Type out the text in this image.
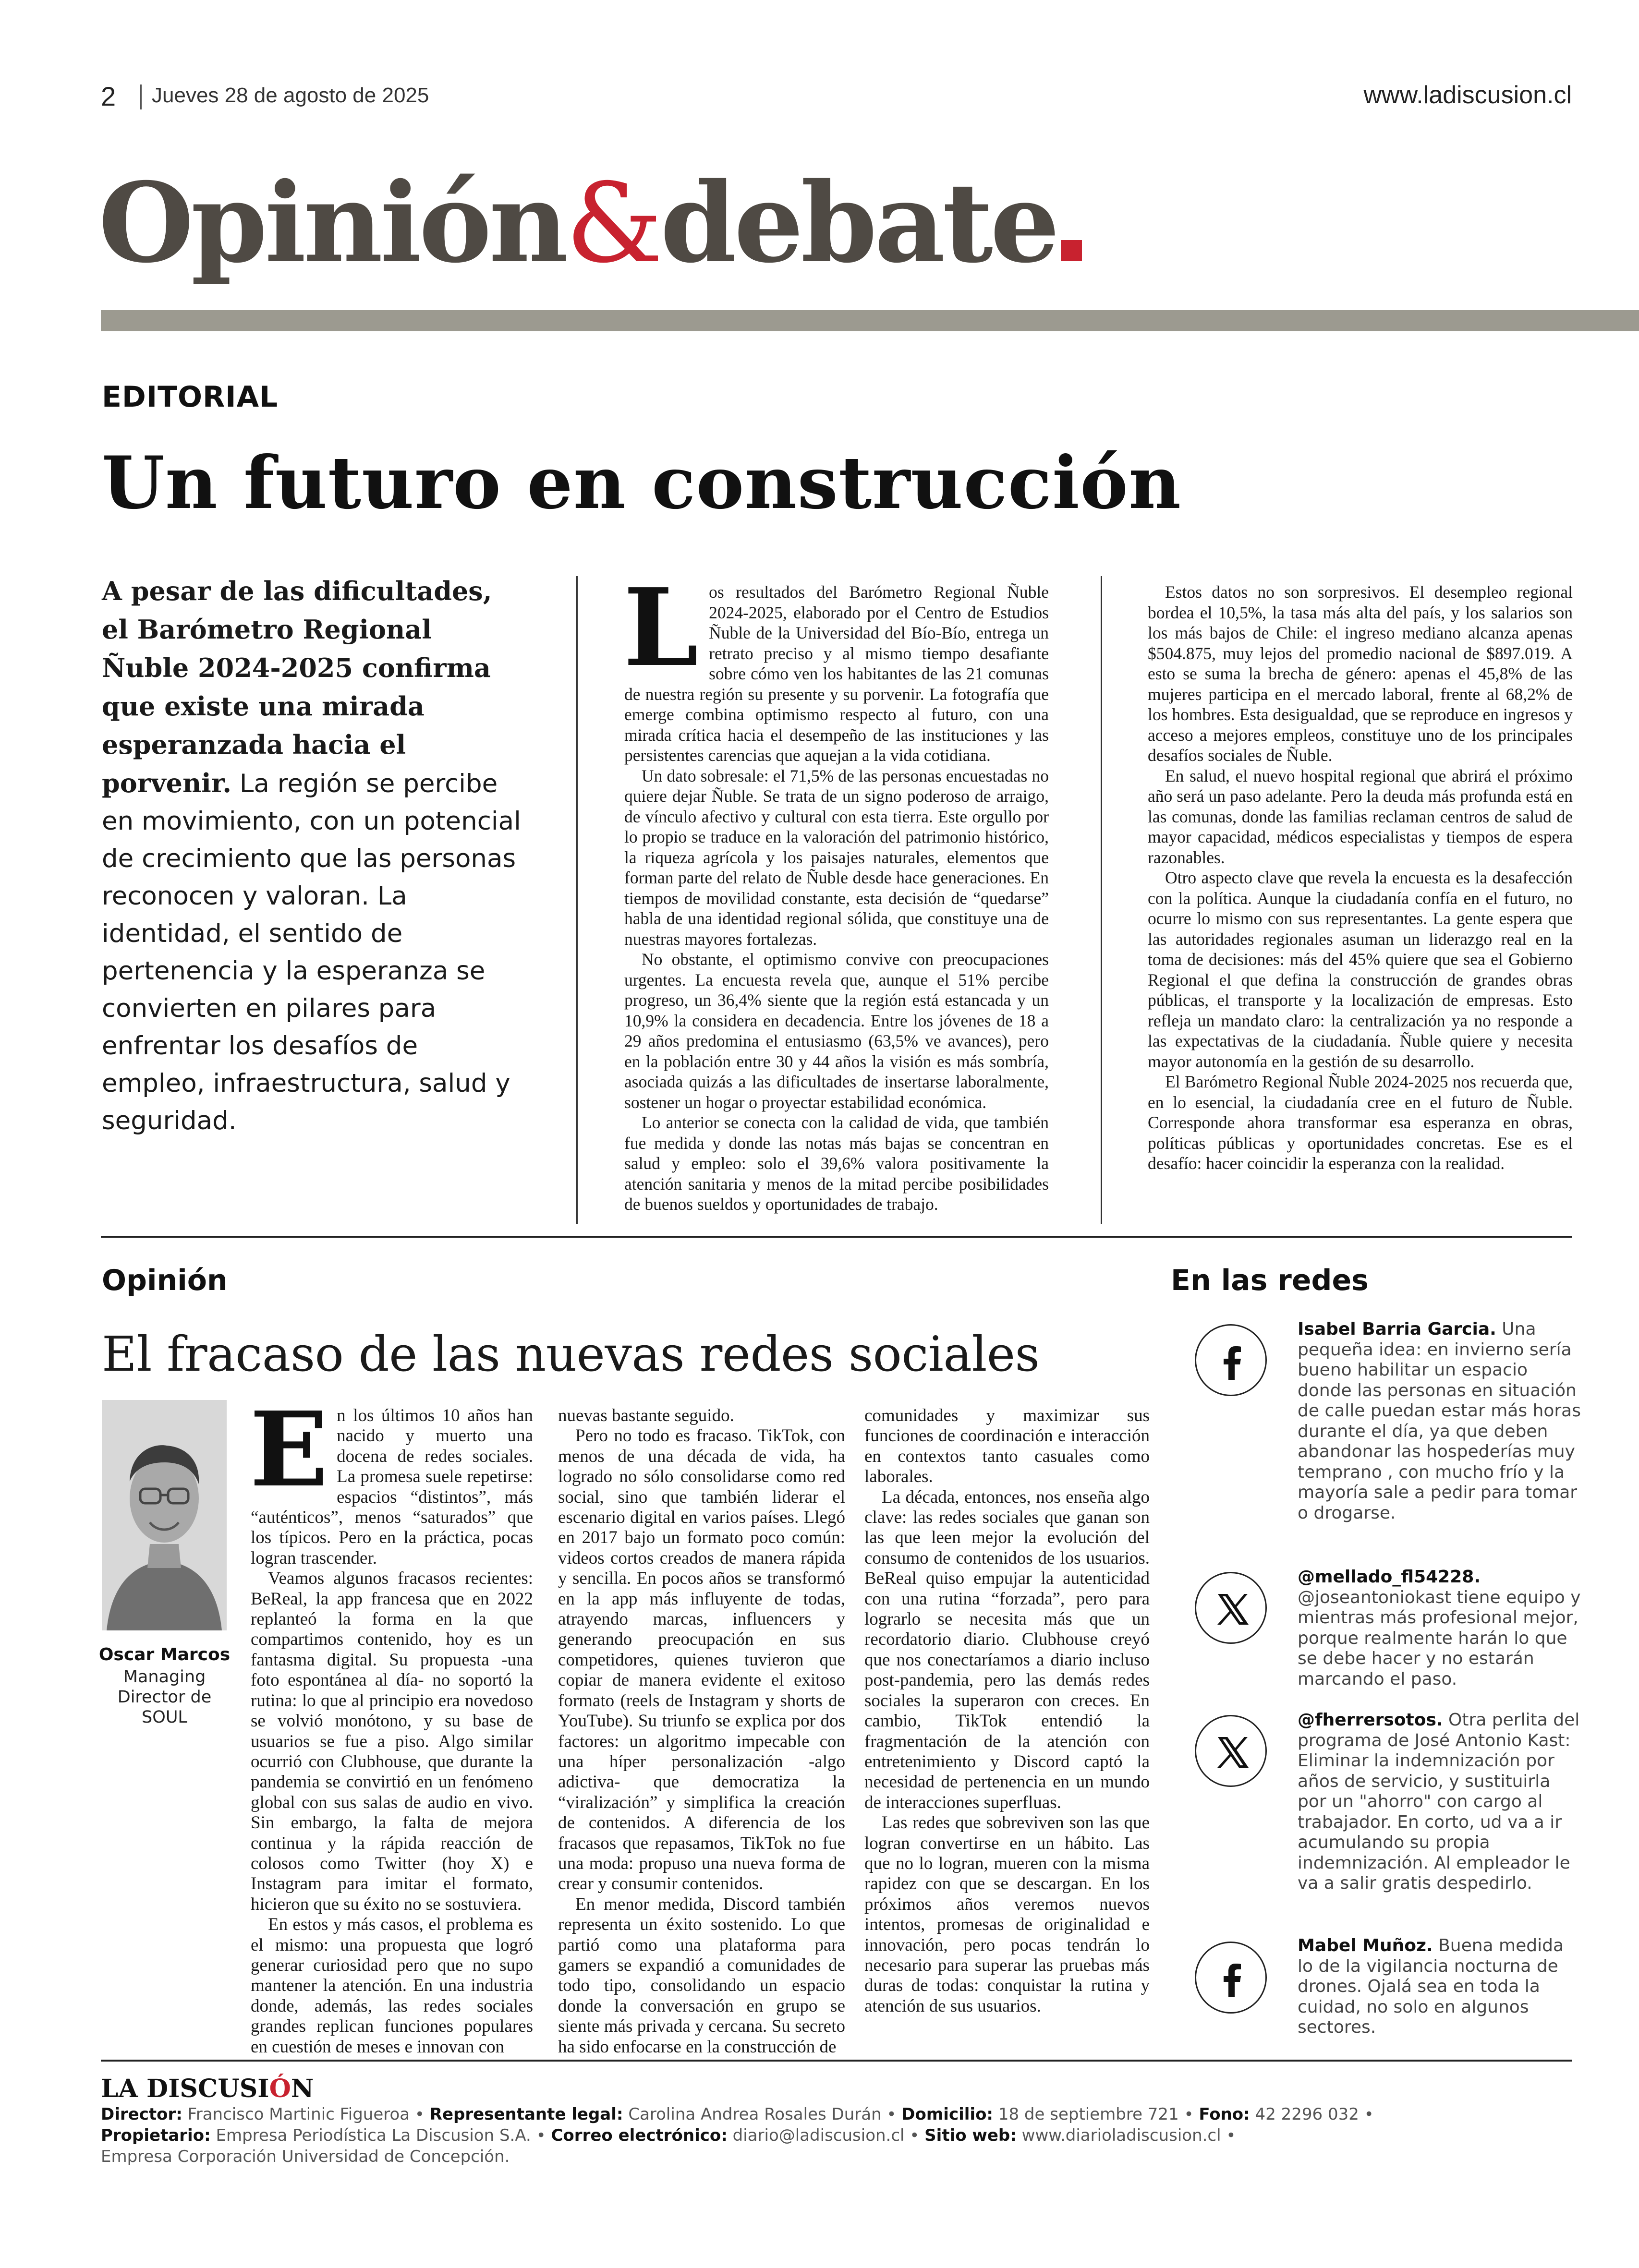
2 Jueves 28 de agosto de 2025	www.ladiscusion.cl
Opinión&debate
EDITORIAL
Un futuro en construcción
A pesar de las dificultades, el Barómetro Regional Ñuble 2024-2025 confirma que existe una mirada esperanzada hacia el porvenir. La región se percibe en movimiento, con un potencial de crecimiento que las personas reconocen y valoran. La identidad, el sentido de pertenencia y la esperanza se convierten en pilares para enfrentar los desafíos de empleo, infraestructura, salud y seguridad.

Los resultados del Barómetro Regional Ñuble 2024-2025, elaborado por el Centro de Estudios Ñuble de la Universidad del Bío-Bío, entrega un retrato preciso y al mismo tiempo desafiante sobre cómo ven los habitantes de las 21 comunas de nuestra región su presente y su porvenir. La fotografía que emerge combina optimismo respecto al futuro, con una mirada crítica hacia el desempeño de las instituciones y las persistentes carencias que aquejan a la vida cotidiana.

Un dato sobresale: el 71,5% de las personas encuestadas no quiere dejar Ñuble. Se trata de un signo poderoso de arraigo, de vínculo afectivo y cultural con esta tierra. Este orgullo por lo propio se traduce en la valoración del patrimonio histórico, la riqueza agrícola y los paisajes naturales, elementos que forman parte del relato de Ñuble desde hace generaciones. En tiempos de movilidad constante, esta decisión de “quedarse” habla de una identidad regional sólida, que constituye una de nuestras mayores fortalezas.

No obstante, el optimismo convive con preocupaciones urgentes. La encuesta revela que, aunque el 51% percibe progreso, un 36,4% siente que la región está estancada y un 10,9% la considera en decadencia. Entre los jóvenes de 18 a 29 años predomina el entusiasmo (63,5% ve avances), pero en la población entre 30 y 44 años la visión es más sombría, asociada quizás a las dificultades de insertarse laboralmente, sostener un hogar o proyectar estabilidad económica.

Lo anterior se conecta con la calidad de vida, que también fue medida y donde las notas más bajas se concentran en salud y empleo: solo el 39,6% valora positivamente la atención sanitaria y menos de la mitad percibe posibilidades de buenos sueldos y oportunidades de trabajo.

Estos datos no son sorpresivos. El desempleo regional bordea el 10,5%, la tasa más alta del país, y los salarios son los más bajos de Chile: el ingreso mediano alcanza apenas $504.875, muy lejos del promedio nacional de $897.019. A esto se suma la brecha de género: apenas el 45,8% de las mujeres participa en el mercado laboral, frente al 68,2% de los hombres. Esta desigualdad, que se reproduce en ingresos y acceso a mejores empleos, constituye uno de los principales desafíos sociales de Ñuble.

En salud, el nuevo hospital regional que abrirá el próximo año será un paso adelante. Pero la deuda más profunda está en las comunas, donde las familias reclaman centros de salud de mayor capacidad, médicos especialistas y tiempos de espera razonables.

Otro aspecto clave que revela la encuesta es la desafección con la política. Aunque la ciudadanía confía en el futuro, no ocurre lo mismo con sus representantes. La gente espera que las autoridades regionales asuman un liderazgo real en la toma de decisiones: más del 45% quiere que sea el Gobierno Regional el que defina la construcción de grandes obras públicas, el transporte y la localización de empresas. Esto refleja un mandato claro: la centralización ya no responde a las expectativas de la ciudadanía. Ñuble quiere y necesita mayor autonomía en la gestión de su desarrollo.

El Barómetro Regional Ñuble 2024-2025 nos recuerda que, en lo esencial, la ciudadanía cree en el futuro de Ñuble. Corresponde ahora transformar esa esperanza en obras, políticas públicas y oportunidades concretas. Ese es el desafío: hacer coincidir la esperanza con la realidad.

Opinión
El fracaso de las nuevas redes sociales
Oscar Marcos
Managing Director de SOUL

En los últimos 10 años han nacido y muerto una docena de redes sociales. La promesa suele repetirse: espacios “distintos”, más “auténticos”, menos “saturados” que los típicos. Pero en la práctica, pocas logran trascender.

Veamos algunos fracasos recientes: BeReal, la app francesa que en 2022 replanteó la forma en la que compartimos contenido, hoy es un fantasma digital. Su propuesta -una foto espontánea al día- no soportó la rutina: lo que al principio era novedoso se volvió monótono, y su base de usuarios se fue a piso. Algo similar ocurrió con Clubhouse, que durante la pandemia se convirtió en un fenómeno global con sus salas de audio en vivo. Sin embargo, la falta de mejora continua y la rápida reacción de colosos como Twitter (hoy X) e Instagram para imitar el formato, hicieron que su éxito no se sostuviera.

En estos y más casos, el problema es el mismo: una propuesta que logró generar curiosidad pero que no supo mantener la atención. En una industria donde, además, las redes sociales grandes replican funciones populares en cuestión de meses e innovan con

nuevas bastante seguido.

Pero no todo es fracaso. TikTok, con menos de una década de vida, ha logrado no sólo consolidarse como red social, sino que también liderar el escenario digital en varios países. Llegó en 2017 bajo un formato poco común: videos cortos creados de manera rápida y sencilla. En pocos años se transformó en la app más influyente de todas, atrayendo marcas, influencers y generando preocupación en sus competidores, quienes tuvieron que copiar de manera evidente el exitoso formato (reels de Instagram y shorts de YouTube). Su triunfo se explica por dos factores: un algoritmo impecable con una híper personalización -algo adictiva- que democratiza la “viralización” y simplifica la creación de contenidos. A diferencia de los fracasos que repasamos, TikTok no fue una moda: propuso una nueva forma de crear y consumir contenidos.

En menor medida, Discord también representa un éxito sostenido. Lo que partió como una plataforma para gamers se expandió a comunidades de todo tipo, consolidando un espacio donde la conversación en grupo se siente más privada y cercana. Su secreto ha sido enfocarse en la construcción de

comunidades y maximizar sus funciones de coordinación e interacción en contextos tanto casuales como laborales.

La década, entonces, nos enseña algo clave: las redes sociales que ganan son las que leen mejor la evolución del consumo de contenidos de los usuarios. BeReal quiso empujar la autenticidad con una rutina “forzada”, pero para lograrlo se necesita más que un recordatorio diario. Clubhouse creyó que nos conectaríamos a diario incluso post-pandemia, pero las demás redes sociales la superaron con creces. En cambio, TikTok entendió la fragmentación de la atención con entretenimiento y Discord captó la necesidad de pertenencia en un mundo de interacciones superfluas.

Las redes que sobreviven son las que logran convertirse en un hábito. Las que no lo logran, mueren con la misma rapidez con que se descargan. En los próximos años veremos nuevos intentos, promesas de originalidad e innovación, pero pocas tendrán lo necesario para superar las pruebas más duras de todas: conquistar la rutina y atención de sus usuarios.

En las redes
Isabel Barria Garcia. Una pequeña idea: en invierno sería bueno habilitar un espacio donde las personas en situación de calle puedan estar más horas durante el día, ya que deben abandonar las hospederías muy temprano , con mucho frío y la mayoría sale a pedir para tomar o drogarse.
@mellado_fl54228. @joseantoniokast tiene equipo y mientras más profesional mejor, porque realmente harán lo que se debe hacer y no estarán marcando el paso.
@fherrersotos. Otra perlita del programa de José Antonio Kast: Eliminar la indemnización por años de servicio, y sustituirla por un "ahorro" con cargo al trabajador. En corto, ud va a ir acumulando su propia indemnización. Al empleador le va a salir gratis despedirlo.
Mabel Muñoz. Buena medida lo de la vigilancia nocturna de drones. Ojalá sea en toda la cuidad, no solo en algunos sectores.
LA DISCUSIÓN
Director: Francisco Martinic Figueroa • Representante legal: Carolina Andrea Rosales Durán • Domicilio: 18 de septiembre 721 • Fono: 42 2296 032 •
Propietario: Empresa Periodística La Discusion S.A. • Correo electrónico: diario@ladiscusion.cl • Sitio web: www.diarioladiscusion.cl •
Empresa Corporación Universidad de Concepción.
